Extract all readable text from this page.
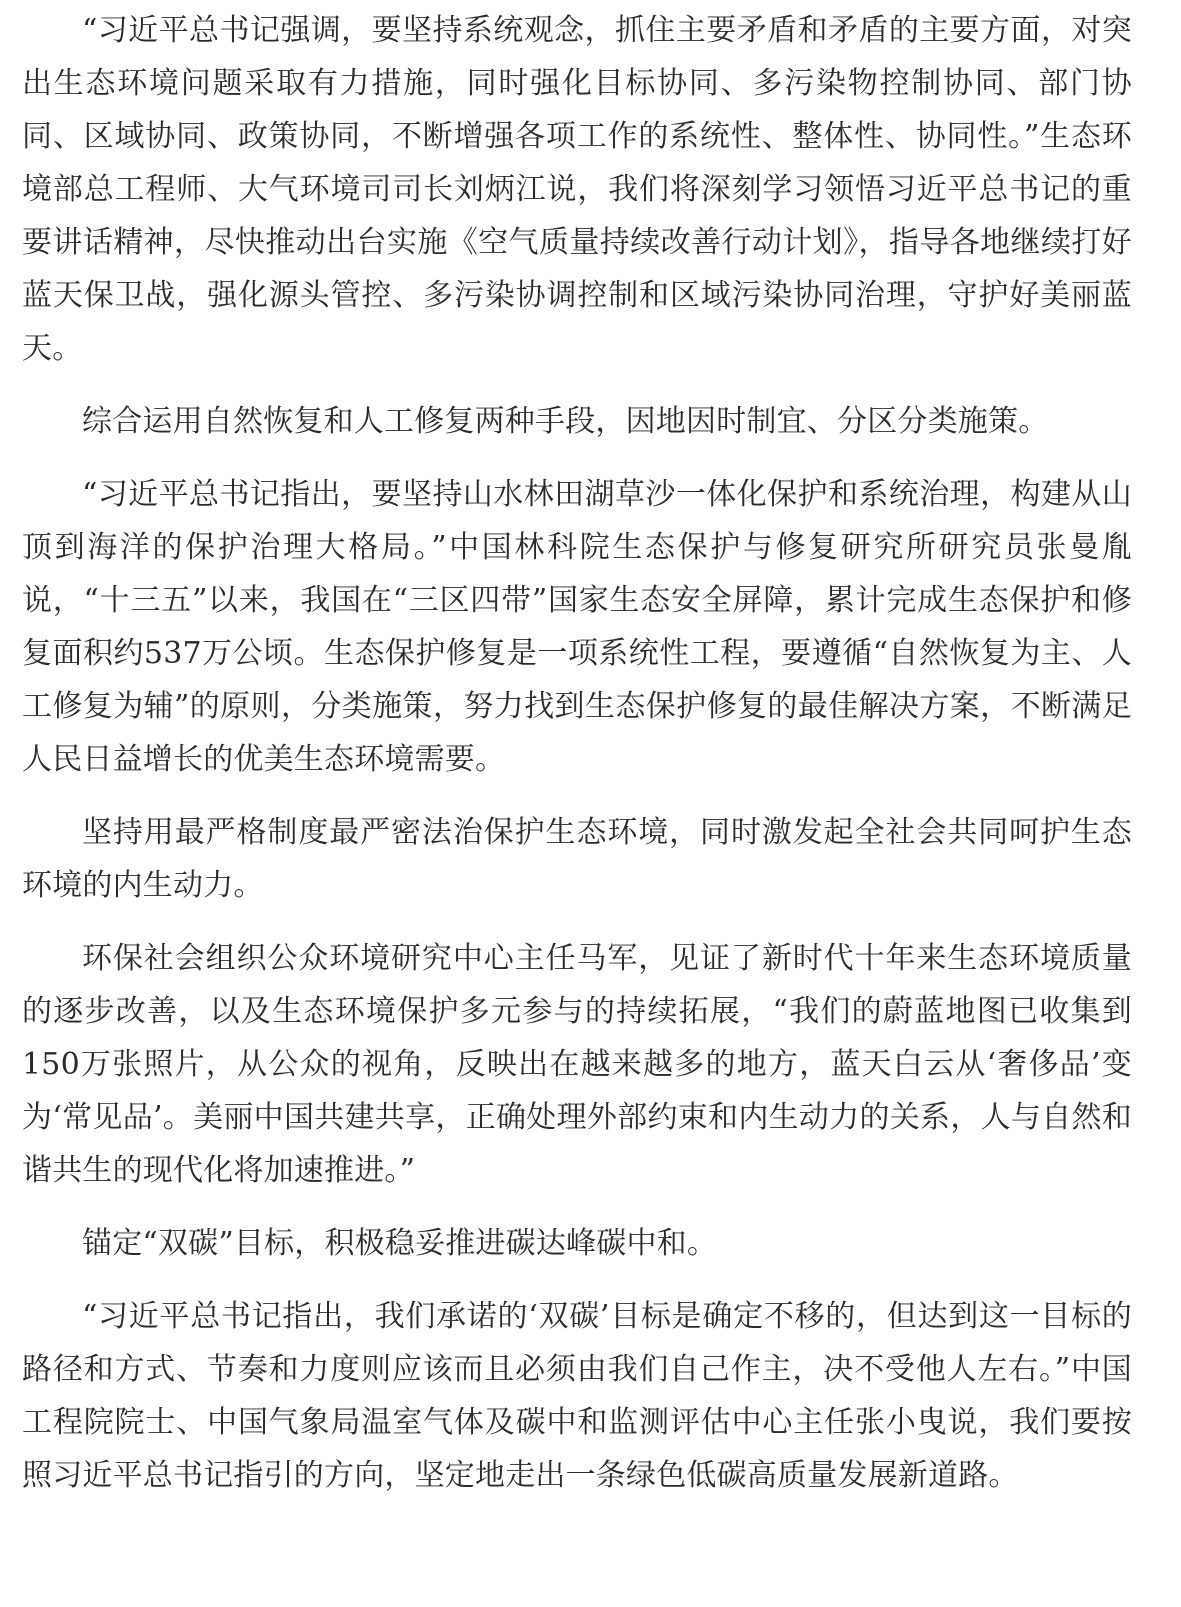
“习近平总书记强调，要坚持系统观念，抓住主要矛盾和矛盾的主要方面，对突出生态环境问题采取有力措施，同时强化目标协同、多污染物控制协同、部门协同、区域协同、政策协同，不断增强各项工作的系统性、整体性、协同性。”生态环境部总工程师、大气环境司司长刘炳江说，我们将深刻学习领悟习近平总书记的重要讲话精神，尽快推动出台实施《空气质量持续改善行动计划》，指导各地继续打好蓝天保卫战，强化源头管控、多污染协调控制和区域污染协同治理，守护好美丽蓝天。

综合运用自然恢复和人工修复两种手段，因地因时制宜、分区分类施策。

“习近平总书记指出，要坚持山水林田湖草沙一体化保护和系统治理，构建从山顶到海洋的保护治理大格局。”中国林科院生态保护与修复研究所研究员张曼胤说，“十三五”以来，我国在“三区四带”国家生态安全屏障，累计完成生态保护和修复面积约537万公顷。生态保护修复是一项系统性工程，要遵循“自然恢复为主、人工修复为辅”的原则，分类施策，努力找到生态保护修复的最佳解决方案，不断满足人民日益增长的优美生态环境需要。

坚持用最严格制度最严密法治保护生态环境，同时激发起全社会共同呵护生态环境的内生动力。

环保社会组织公众环境研究中心主任马军，见证了新时代十年来生态环境质量的逐步改善，以及生态环境保护多元参与的持续拓展，“我们的蔚蓝地图已收集到150万张照片，从公众的视角，反映出在越来越多的地方，蓝天白云从‘奢侈品’变为‘常见品’。美丽中国共建共享，正确处理外部约束和内生动力的关系，人与自然和谐共生的现代化将加速推进。”

锚定“双碳”目标，积极稳妥推进碳达峰碳中和。

“习近平总书记指出，我们承诺的‘双碳’目标是确定不移的，但达到这一目标的路径和方式、节奏和力度则应该而且必须由我们自己作主，决不受他人左右。”中国工程院院士、中国气象局温室气体及碳中和监测评估中心主任张小曳说，我们要按照习近平总书记指引的方向，坚定地走出一条绿色低碳高质量发展新道路。
